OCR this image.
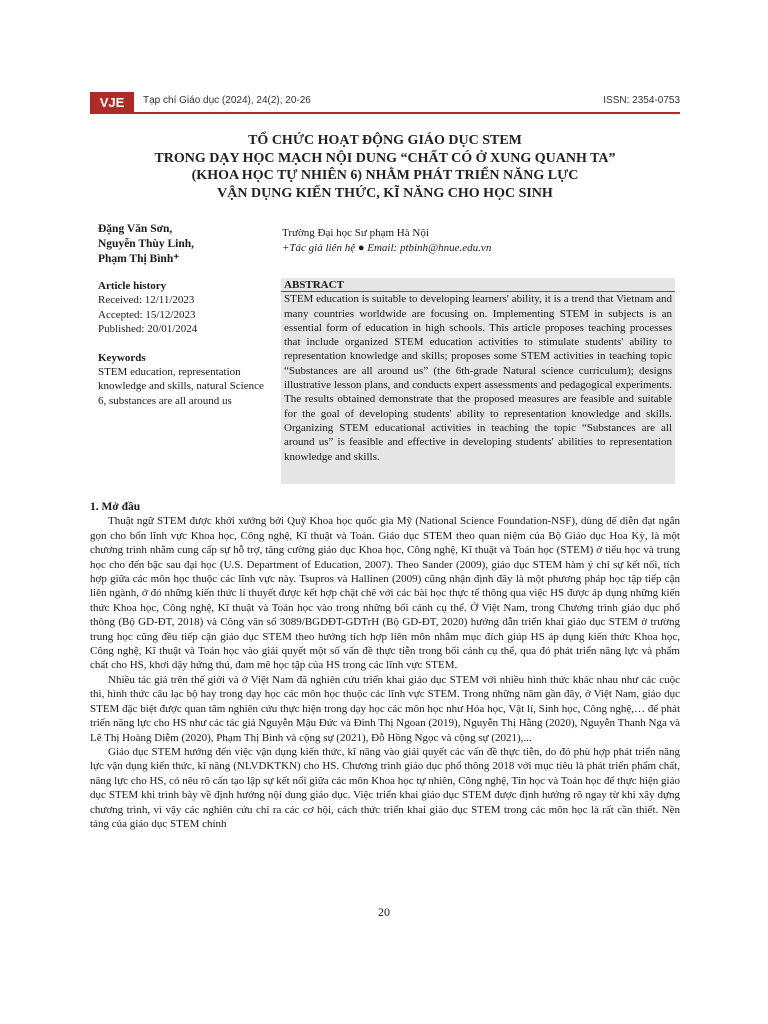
VJE	Tạp chí Giáo dục (2024), 24(2), 20-26	ISSN: 2354-0753
TỔ CHỨC HOẠT ĐỘNG GIÁO DỤC STEM
TRONG DẠY HỌC MẠCH NỘI DUNG “CHẤT CÓ Ở XUNG QUANH TA”
(KHOA HỌC TỰ NHIÊN 6) NHẰM PHÁT TRIỂN NĂNG LỰC
VẬN DỤNG KIẾN THỨC, KĨ NĂNG CHO HỌC SINH
Đặng Văn Sơn,
Nguyễn Thùy Linh,
Phạm Thị Bình⁺
Trường Đại học Sư phạm Hà Nội
+Tác giả liên hệ ● Email: ptbinh@hnue.edu.vn
Article history
Received: 12/11/2023
Accepted: 15/12/2023
Published: 20/01/2024
Keywords
STEM education, representation knowledge and skills, natural Science 6, substances are all around us
ABSTRACT
STEM education is suitable to developing learners' ability, it is a trend that Vietnam and many countries worldwide are focusing on. Implementing STEM in subjects is an essential form of education in high schools. This article proposes teaching processes that include organized STEM education activities to stimulate students' ability to representation knowledge and skills; proposes some STEM activities in teaching topic “Substances are all around us” (the 6th-grade Natural science curriculum); designs illustrative lesson plans, and conducts expert assessments and pedagogical experiments. The results obtained demonstrate that the proposed measures are feasible and suitable for the goal of developing students' ability to representation knowledge and skills. Organizing STEM educational activities in teaching the topic “Substances are all around us” is feasible and effective in developing students' abilities to representation knowledge and skills.
1. Mở đầu

Thuật ngữ STEM được khởi xướng bởi Quỹ Khoa học quốc gia Mỹ (National Science Foundation-NSF), dùng để diễn đạt ngắn gọn cho bốn lĩnh vực Khoa học, Công nghệ, Kĩ thuật và Toán. Giáo dục STEM theo quan niệm của Bộ Giáo dục Hoa Kỳ, là một chương trình nhằm cung cấp sự hỗ trợ, tăng cường giáo dục Khoa học, Công nghệ, Kĩ thuật và Toán học (STEM) ở tiểu học và trung học cho đến bậc sau đại học (U.S. Department of Education, 2007). Theo Sander (2009), giáo dục STEM hàm ý chỉ sự kết nối, tích hợp giữa các môn học thuộc các lĩnh vực này. Tsupros và Hallinen (2009) cũng nhận định đây là một phương pháp học tập tiếp cận liên ngành, ở đó những kiến thức lí thuyết được kết hợp chặt chẽ với các bài học thực tế thông qua việc HS được áp dụng những kiến thức Khoa học, Công nghệ, Kĩ thuật và Toán học vào trong những bối cảnh cụ thể. Ở Việt Nam, trong Chương trình giáo dục phổ thông (Bộ GD-ĐT, 2018) và Công văn số 3089/BGDĐT-GDTrH (Bộ GD-ĐT, 2020) hướng dẫn triển khai giáo dục STEM ở trường trung học cũng đều tiếp cận giáo dục STEM theo hướng tích hợp liên môn nhằm mục đích giúp HS áp dụng kiến thức Khoa học, Công nghệ, Kĩ thuật và Toán học vào giải quyết một số vấn đề thực tiễn trong bối cảnh cụ thể, qua đó phát triển năng lực và phẩm chất cho HS, khơi dậy hứng thú, đam mê học tập của HS trong các lĩnh vực STEM.

Nhiều tác giả trên thế giới và ở Việt Nam đã nghiên cứu triển khai giáo dục STEM với nhiều hình thức khác nhau như các cuộc thi, hình thức câu lạc bộ hay trong dạy học các môn học thuộc các lĩnh vực STEM. Trong những năm gần đây, ở Việt Nam, giáo dục STEM đặc biệt được quan tâm nghiên cứu thực hiện trong dạy học các môn học như Hóa học, Vật lí, Sinh học, Công nghệ,… để phát triển năng lực cho HS như các tác giả Nguyễn Mậu Đức và Đinh Thị Ngoan (2019), Nguyễn Thị Hằng (2020), Nguyễn Thanh Nga và Lê Thị Hoàng Diễm (2020), Phạm Thị Bình và cộng sự (2021), Đỗ Hồng Ngọc và cộng sự (2021),...

Giáo dục STEM hướng đến việc vận dụng kiến thức, kĩ năng vào giải quyết các vấn đề thực tiễn, do đó phù hợp phát triển năng lực vận dụng kiến thức, kĩ năng (NLVDKTKN) cho HS. Chương trình giáo dục phổ thông 2018 với mục tiêu là phát triển phẩm chất, năng lực cho HS, có nêu rõ cấn tạo lập sự kết nối giữa các môn Khoa học tự nhiên, Công nghệ, Tin học và Toán học để thực hiện giáo dục STEM khi trình bày về định hướng nội dung giáo dục. Việc triển khai giáo dục STEM được định hướng rõ ngay từ khi xây dựng chương trình, vì vậy các nghiên cứu chỉ ra các cơ hội, cách thức triển khai giáo dục STEM trong các môn học là rất cần thiết. Nền tảng của giáo dục STEM chính

20
